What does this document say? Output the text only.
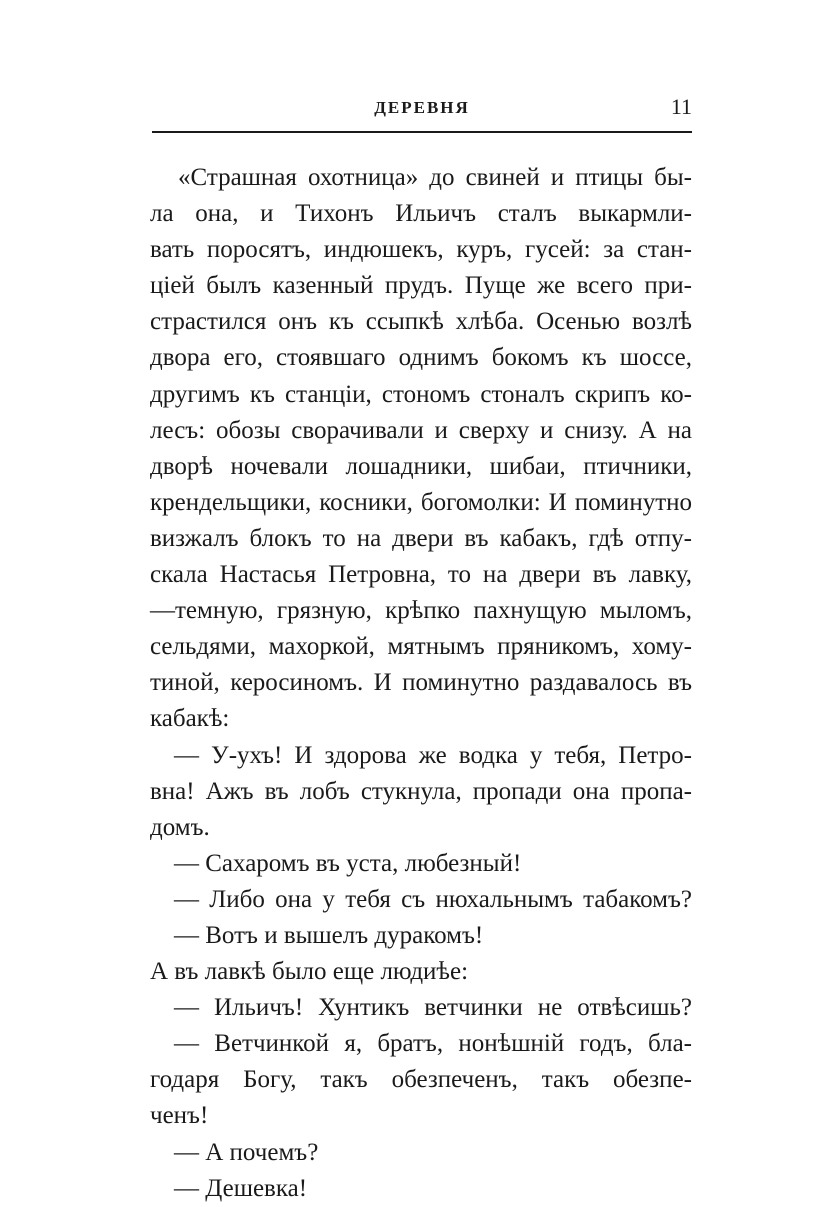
ДЕРЕВНЯ	11
«Страшная охотница» до свиней и птицы бы-
ла она, и Тихонъ Ильичъ сталъ выкармли-
вать поросятъ, индюшекъ, куръ, гусей: за стан-
ціей былъ казенный прудъ. Пуще же всего при-
страстился онъ къ ссыпкѣ хлѣба. Осенью возлѣ
двора его, стоявшаго однимъ бокомъ къ шоссе,
другимъ къ станціи, стономъ стоналъ скрипъ ко-
лесъ: обозы сворачивали и сверху и снизу. А на
дворѣ ночевали лошадники, шибаи, птичники,
крендельщики, косники, богомолки: И поминутно
визжалъ блокъ то на двери въ кабакъ, гдѣ отпу-
скала Настасья Петровна, то на двери въ лавку,
—темную, грязную, крѣпко пахнущую мыломъ,
сельдями, махоркой, мятнымъ пряникомъ, хому-
тиной, керосиномъ. И поминутно раздавалось въ
кабакѣ:
— У-ухъ! И здорова же водка у тебя, Петро-
вна! Ажъ въ лобъ стукнула, пропади она пропа-
домъ.
— Сахаромъ въ уста, любезный!
— Либо она у тебя съ нюхальнымъ табакомъ?
— Вотъ и вышелъ дуракомъ!
А въ лавкѣ было еще людиѣе:
— Ильичъ! Хунтикъ ветчинки не отвѣсишь?
— Ветчинкой я, братъ, нонѣшній годъ, бла-
годаря Богу, такъ обезпеченъ, такъ обезпе-
ченъ!
— А почемъ?
— Дешевка!
